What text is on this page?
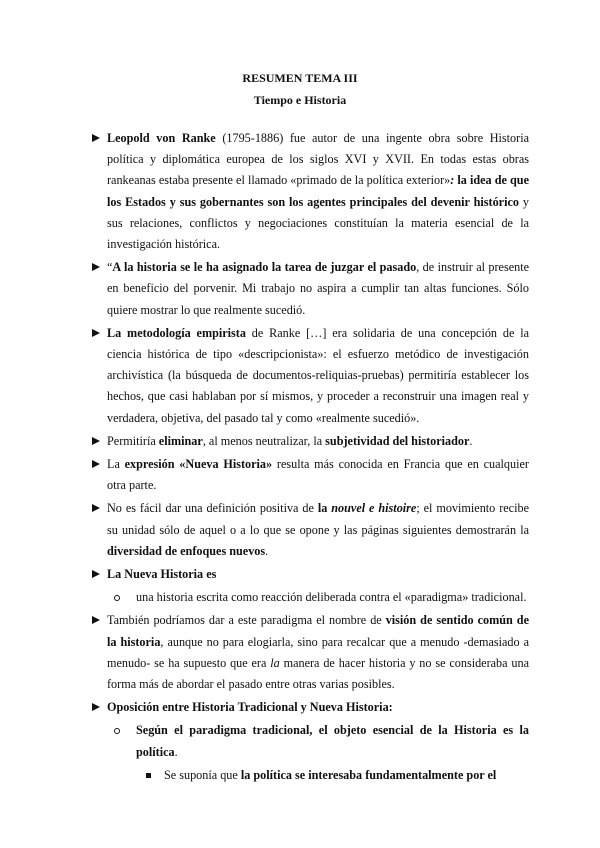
RESUMEN TEMA III
Tiempo e Historia
Leopold von Ranke (1795-1886) fue autor de una ingente obra sobre Historia política y diplomática europea de los siglos XVI y XVII. En todas estas obras rankeanas estaba presente el llamado «primado de la política exterior»: la idea de que los Estados y sus gobernantes son los agentes principales del devenir histórico y sus relaciones, conflictos y negociaciones constituían la materia esencial de la investigación histórica.
“A la historia se le ha asignado la tarea de juzgar el pasado, de instruir al presente en beneficio del porvenir. Mi trabajo no aspira a cumplir tan altas funciones. Sólo quiere mostrar lo que realmente sucedió.
La metodología empirista de Ranke […] era solidaria de una concepción de la ciencia histórica de tipo «descripcionista»: el esfuerzo metódico de investigación archivística (la búsqueda de documentos-reliquias-pruebas) permitiría establecer los hechos, que casi hablaban por sí mismos, y proceder a reconstruir una imagen real y verdadera, objetiva, del pasado tal y como «realmente sucedió».
Permitiría eliminar, al menos neutralizar, la subjetividad del historiador.
La expresión «Nueva Historia» resulta más conocida en Francia que en cualquier otra parte.
No es fácil dar una definición positiva de la nouvel e histoire; el movimiento recibe su unidad sólo de aquel o a lo que se opone y las páginas siguientes demostrarán la diversidad de enfoques nuevos.
La Nueva Historia es
una historia escrita como reacción deliberada contra el «paradigma» tradicional.
También podríamos dar a este paradigma el nombre de visión de sentido común de la historia, aunque no para elogiarla, sino para recalcar que a menudo -demasiado a menudo- se ha supuesto que era la manera de hacer historia y no se consideraba una forma más de abordar el pasado entre otras varias posibles.
Oposición entre Historia Tradicional y Nueva Historia:
Según el paradigma tradicional, el objeto esencial de la Historia es la política.
Se suponía que la política se interesaba fundamentalmente por el
